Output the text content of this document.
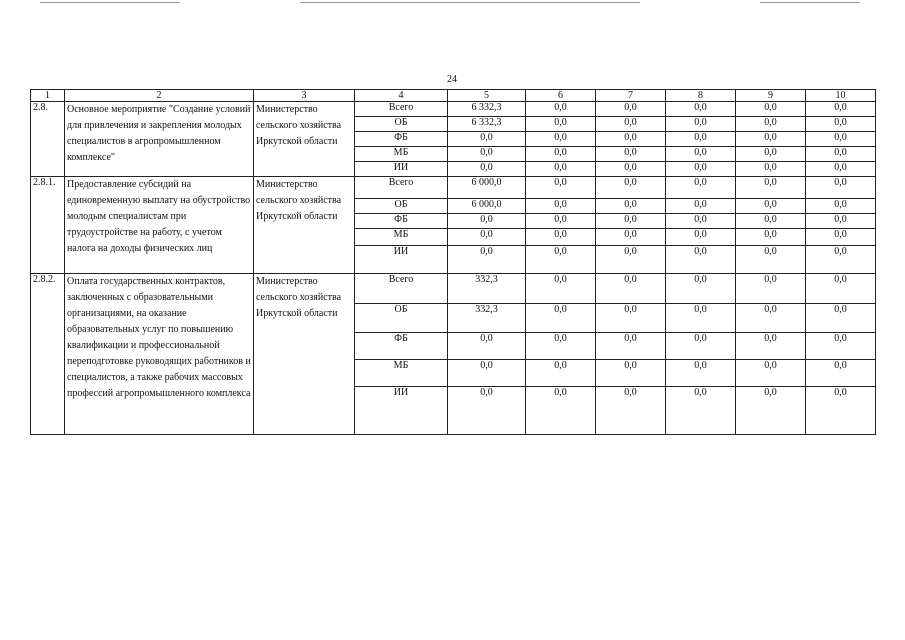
24
1	2	3	4	5	6	7	8	9	10
2.8.	Основное мероприятие "Создание условий для привлечения и закрепления молодых специалистов в агропромышленном комплексе"	Министерство сельского хозяйства Иркутской области	Всего	6 332,3	0,0	0,0	0,0	0,0	0,0
			ОБ	6 332,3	0,0	0,0	0,0	0,0	0,0
			ФБ	0,0	0,0	0,0	0,0	0,0	0,0
			МБ	0,0	0,0	0,0	0,0	0,0	0,0
			ИИ	0,0	0,0	0,0	0,0	0,0	0,0
2.8.1.	Предоставление субсидий на единовременную выплату на обустройство молодым специалистам при трудоустройстве на работу, с учетом налога на доходы физических лиц	Министерство сельского хозяйства Иркутской области	Всего	6 000,0	0,0	0,0	0,0	0,0	0,0
			ОБ	6 000,0	0,0	0,0	0,0	0,0	0,0
			ФБ	0,0	0,0	0,0	0,0	0,0	0,0
			МБ	0,0	0,0	0,0	0,0	0,0	0,0
			ИИ	0,0	0,0	0,0	0,0	0,0	0,0
2.8.2.	Оплата государственных контрактов, заключенных с образовательными организациями, на оказание образовательных услуг по повышению квалификации и профессиональной переподготовке руководящих работников и специалистов, а также рабочих массовых профессий агропромышленного комплекса	Министерство сельского хозяйства Иркутской области	Всего	332,3	0,0	0,0	0,0	0,0	0,0
			ОБ	332,3	0,0	0,0	0,0	0,0	0,0
			ФБ	0,0	0,0	0,0	0,0	0,0	0,0
			МБ	0,0	0,0	0,0	0,0	0,0	0,0
			ИИ	0,0	0,0	0,0	0,0	0,0	0,0
